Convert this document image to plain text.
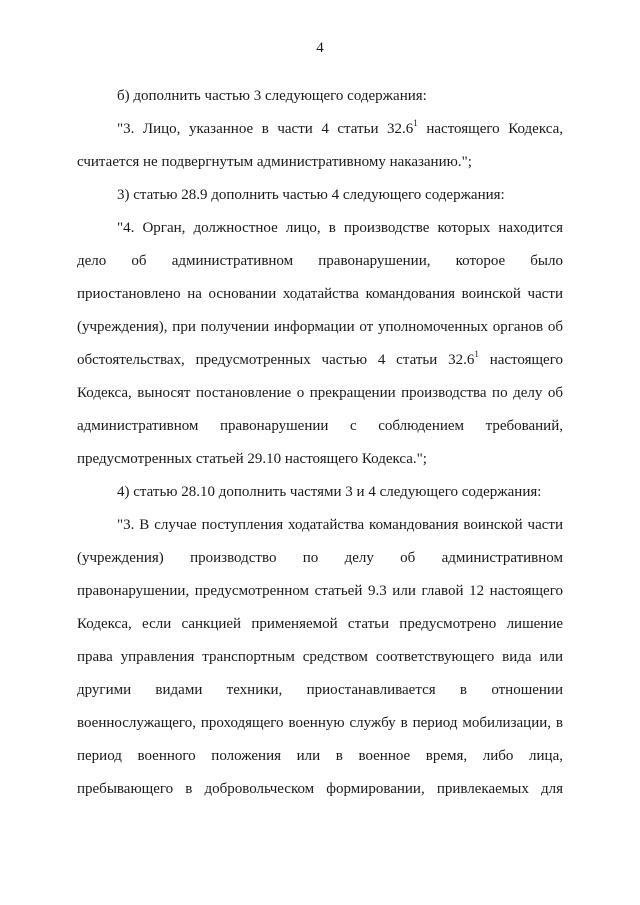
4

б) дополнить частью 3 следующего содержания:

"3. Лицо, указанное в части 4 статьи 32.6$^1$ настоящего Кодекса, считается не подвергнутым административному наказанию.";

3) статью 28.9 дополнить частью 4 следующего содержания:

"4. Орган, должностное лицо, в производстве которых находится дело об административном правонарушении, которое было приостановлено на основании ходатайства командования воинской части (учреждения), при получении информации от уполномоченных органов об обстоятельствах, предусмотренных частью 4 статьи 32.6$^1$ настоящего Кодекса, выносят постановление о прекращении производства по делу об административном правонарушении с соблюдением требований, предусмотренных статьей 29.10 настоящего Кодекса.";

4) статью 28.10 дополнить частями 3 и 4 следующего содержания:

"3. В случае поступления ходатайства командования воинской части (учреждения) производство по делу об административном правонарушении, предусмотренном статьей 9.3 или главой 12 настоящего Кодекса, если санкцией применяемой статьи предусмотрено лишение права управления транспортным средством соответствующего вида или другими видами техники, приостанавливается в отношении военнослужащего, проходящего военную службу в период мобилизации, в период военного положения или в военное время, либо лица, пребывающего в добровольческом формировании, привлекаемых для
